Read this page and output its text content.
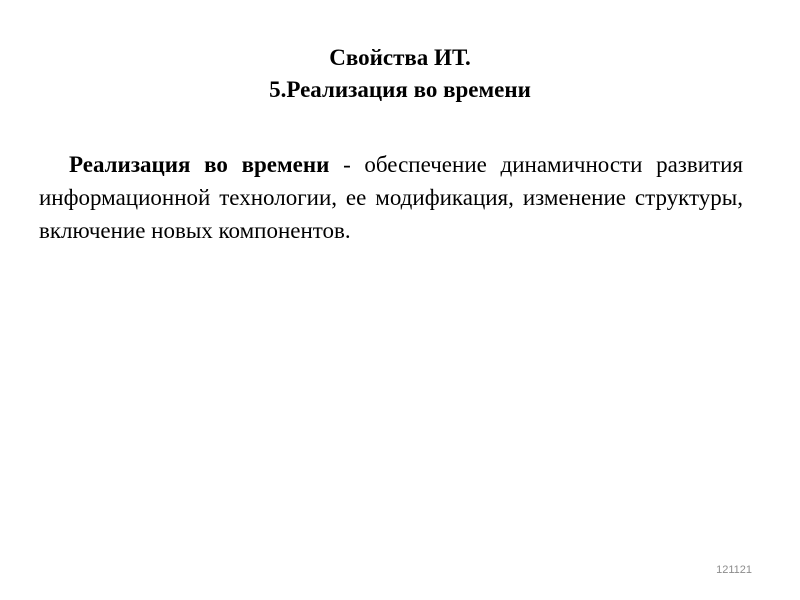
Свойства ИТ.
5.Реализация во времени

Реализация во времени - обеспечение динамичности развития информационной технологии, ее модификация, изменение структуры, включение новых компонентов.

121121
